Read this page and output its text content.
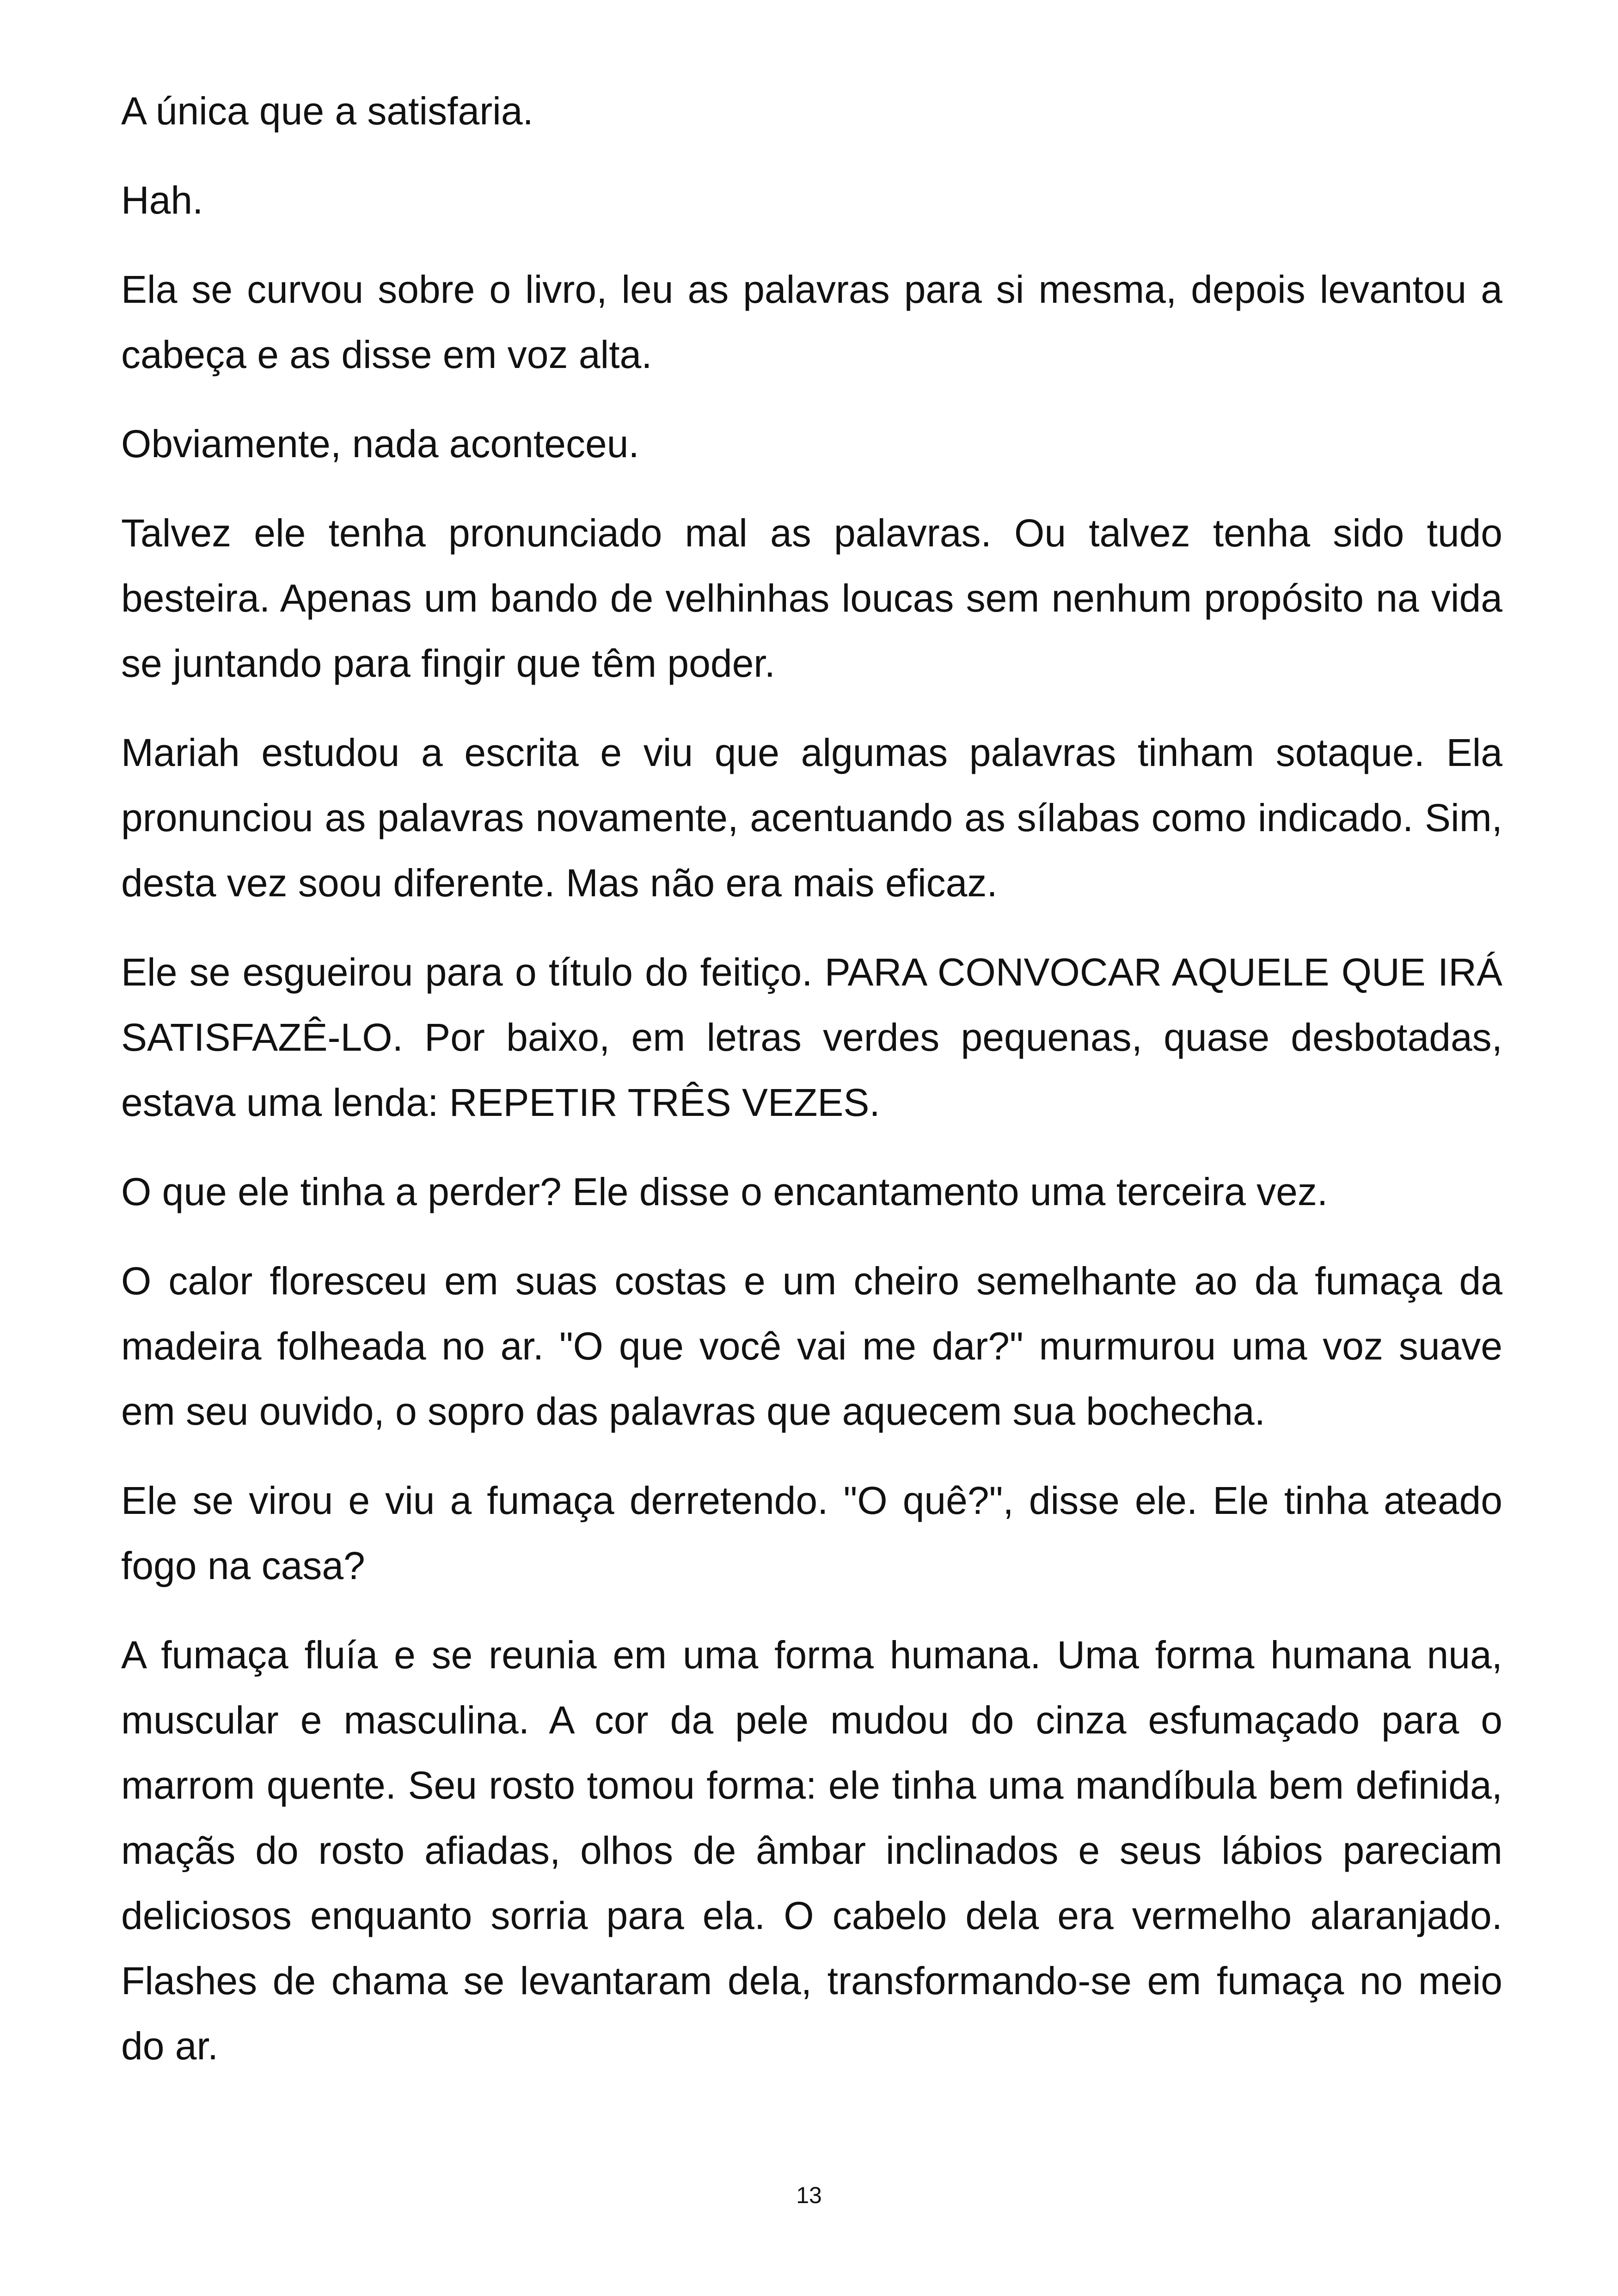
A única que a satisfaria.

Hah.

Ela se curvou sobre o livro, leu as palavras para si mesma, depois levantou a cabeça e as disse em voz alta.

Obviamente, nada aconteceu.

Talvez ele tenha pronunciado mal as palavras. Ou talvez tenha sido tudo besteira. Apenas um bando de velhinhas loucas sem nenhum propósito na vida se juntando para fingir que têm poder.

Mariah estudou a escrita e viu que algumas palavras tinham sotaque. Ela pronunciou as palavras novamente, acentuando as sílabas como indicado. Sim, desta vez soou diferente. Mas não era mais eficaz.

Ele se esgueirou para o título do feitiço. PARA CONVOCAR AQUELE QUE IRÁ SATISFAZÊ-LO. Por baixo, em letras verdes pequenas, quase desbotadas, estava uma lenda: REPETIR TRÊS VEZES.

O que ele tinha a perder? Ele disse o encantamento uma terceira vez.

O calor floresceu em suas costas e um cheiro semelhante ao da fumaça da madeira folheada no ar. "O que você vai me dar?" murmurou uma voz suave em seu ouvido, o sopro das palavras que aquecem sua bochecha.

Ele se virou e viu a fumaça derretendo. "O quê?", disse ele. Ele tinha ateado fogo na casa?

A fumaça fluía e se reunia em uma forma humana. Uma forma humana nua, muscular e masculina. A cor da pele mudou do cinza esfumaçado para o marrom quente. Seu rosto tomou forma: ele tinha uma mandíbula bem definida, maçãs do rosto afiadas, olhos de âmbar inclinados e seus lábios pareciam deliciosos enquanto sorria para ela. O cabelo dela era vermelho alaranjado. Flashes de chama se levantaram dela, transformando-se em fumaça no meio do ar.

13
